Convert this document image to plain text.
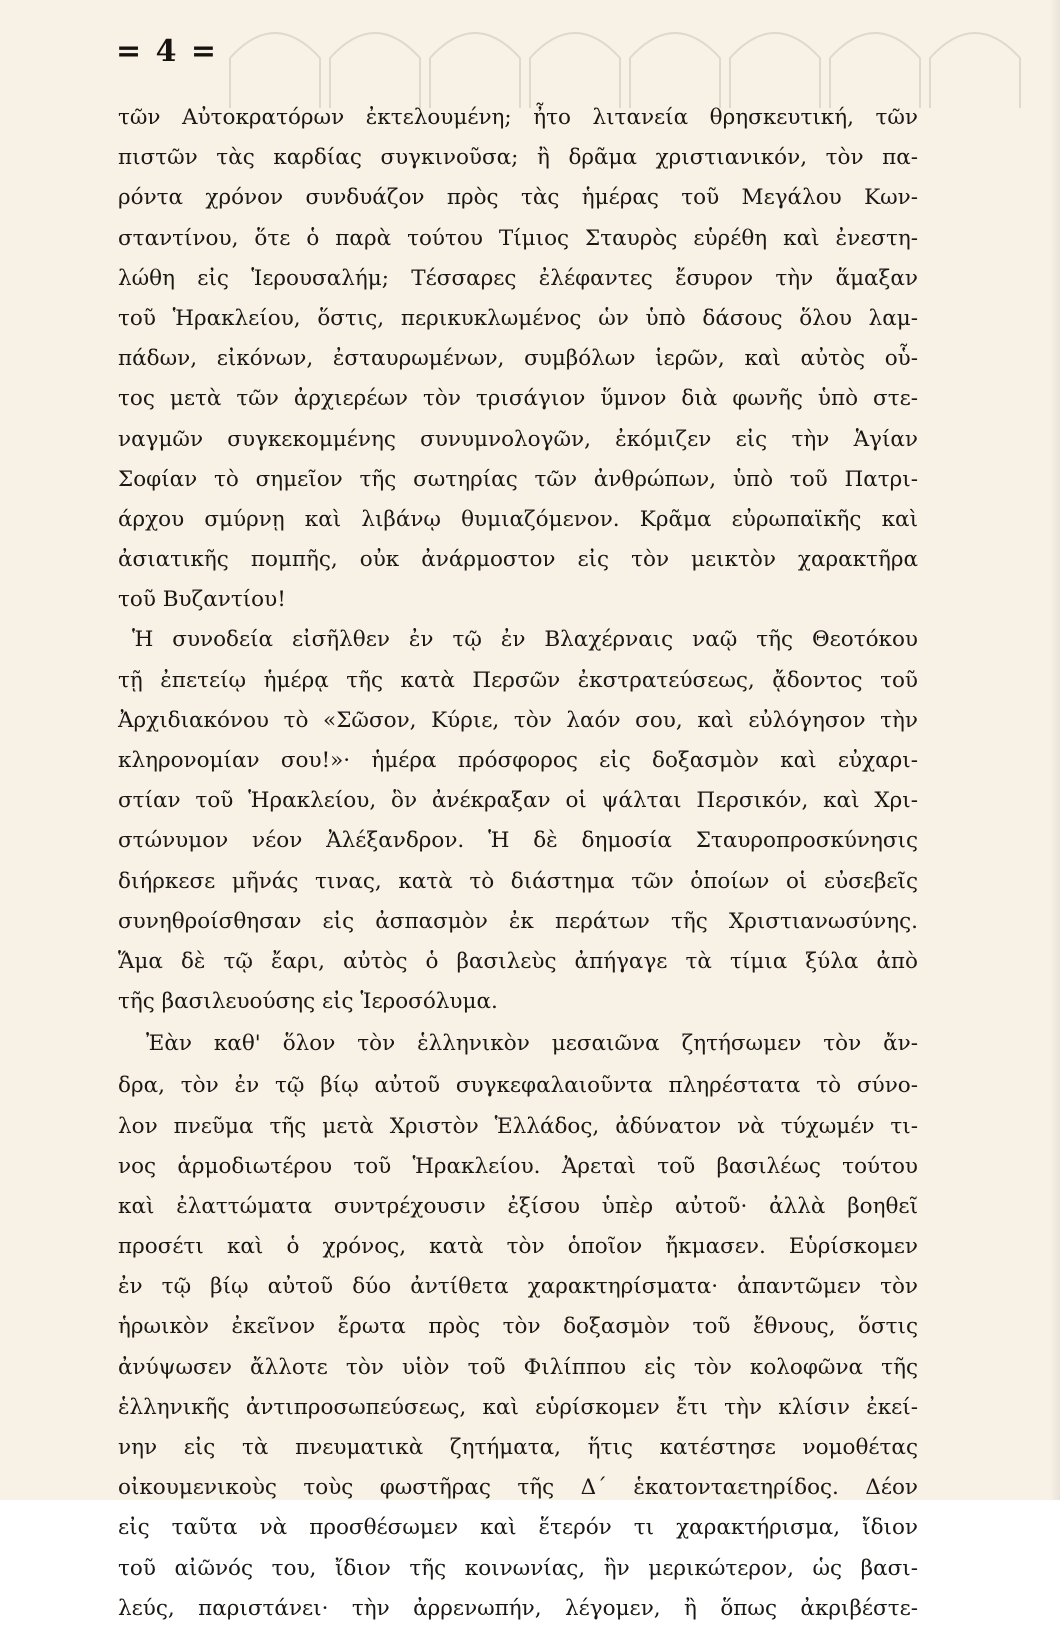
= 4 =
τῶν Αὐτοκρατόρων ἐκτελουμένη; ἦτο λιτανεία θρησκευτική, τῶν
πιστῶν τὰς καρδίας συγκινοῦσα; ἢ δρᾶμα χριστιανικόν, τὸν πα-
ρόντα χρόνον συνδυάζον πρὸς τὰς ἡμέρας τοῦ Μεγάλου Κων-
σταντίνου, ὅτε ὁ παρὰ τούτου Τίμιος Σταυρὸς εὑρέθη καὶ ἐνεστη-
λώθη εἰς Ἱερουσαλήμ; Τέσσαρες ἐλέφαντες ἔσυρον τὴν ἅμαξαν
τοῦ Ἡρακλείου, ὅστις, περικυκλωμένος ὡν ὑπὸ δάσους ὅλου λαμ-
πάδων, εἰκόνων, ἐσταυρωμένων, συμβόλων ἱερῶν, καὶ αὐτὸς οὗ-
τος μετὰ τῶν ἀρχιερέων τὸν τρισάγιον ὕμνον διὰ φωνῆς ὑπὸ στε-
ναγμῶν συγκεκομμένης συνυμνολογῶν, ἐκόμιζεν εἰς τὴν Ἁγίαν
Σοφίαν τὸ σημεῖον τῆς σωτηρίας τῶν ἀνθρώπων, ὑπὸ τοῦ Πατρι-
άρχου σμύρνῃ καὶ λιβάνῳ θυμιαζόμενον. Κρᾶμα εὐρωπαϊκῆς καὶ
ἀσιατικῆς πομπῆς, οὐκ ἀνάρμοστον εἰς τὸν μεικτὸν χαρακτῆρα
τοῦ Βυζαντίου!
Ἡ συνοδεία εἰσῆλθεν ἐν τῷ ἐν Βλαχέρναις ναῷ τῆς Θεοτόκου
τῇ ἐπετείῳ ἡμέρᾳ τῆς κατὰ Περσῶν ἐκστρατεύσεως, ᾄδοντος τοῦ
Ἀρχιδιακόνου τὸ «Σῶσον, Κύριε, τὸν λαόν σου, καὶ εὐλόγησον τὴν
κληρονομίαν σου!»· ἡμέρα πρόσφορος εἰς δοξασμὸν καὶ εὐχαρι-
στίαν τοῦ Ἡρακλείου, ὃν ἀνέκραξαν οἱ ψάλται Περσικόν, καὶ Χρι-
στώνυμον νέον Ἀλέξανδρον. Ἡ δὲ δημοσία Σταυροπροσκύνησις
διήρκεσε μῆνάς τινας, κατὰ τὸ διάστημα τῶν ὁποίων οἱ εὐσεβεῖς
συνηθροίσθησαν εἰς ἀσπασμὸν ἐκ περάτων τῆς Χριστιανωσύνης.
Ἅμα δὲ τῷ ἔαρι, αὐτὸς ὁ βασιλεὺς ἀπήγαγε τὰ τίμια ξύλα ἀπὸ
τῆς βασιλευούσης εἰς Ἱεροσόλυμα.
Ἐὰν καθ' ὅλον τὸν ἑλληνικὸν μεσαιῶνα ζητήσωμεν τὸν ἄν-
δρα, τὸν ἐν τῷ βίῳ αὐτοῦ συγκεφαλαιοῦντα πληρέστατα τὸ σύνο-
λον πνεῦμα τῆς μετὰ Χριστὸν Ἑλλάδος, ἀδύνατον νὰ τύχωμέν τι-
νος ἁρμοδιωτέρου τοῦ Ἡρακλείου. Ἀρεταὶ τοῦ βασιλέως τούτου
καὶ ἐλαττώματα συντρέχουσιν ἐξίσου ὑπὲρ αὐτοῦ· ἀλλὰ βοηθεῖ
προσέτι καὶ ὁ χρόνος, κατὰ τὸν ὁποῖον ἤκμασεν. Εὑρίσκομεν
ἐν τῷ βίῳ αὐτοῦ δύο ἀντίθετα χαρακτηρίσματα· ἀπαντῶμεν τὸν
ἡρωικὸν ἐκεῖνον ἔρωτα πρὸς τὸν δοξασμὸν τοῦ ἔθνους, ὅστις
ἀνύψωσεν ἄλλοτε τὸν υἱὸν τοῦ Φιλίππου εἰς τὸν κολοφῶνα τῆς
ἑλληνικῆς ἀντιπροσωπεύσεως, καὶ εὑρίσκομεν ἔτι τὴν κλίσιν ἐκεί-
νην εἰς τὰ πνευματικὰ ζητήματα, ἥτις κατέστησε νομοθέτας
οἰκουμενικοὺς τοὺς φωστῆρας τῆς Δ΄ ἑκατονταετηρίδος. Δέον
εἰς ταῦτα νὰ προσθέσωμεν καὶ ἕτερόν τι χαρακτήρισμα, ἴδιον
τοῦ αἰῶνός του, ἴδιον τῆς κοινωνίας, ἣν μερικώτερον, ὡς βασι-
λεύς, παριστάνει· τὴν ἀρρενωπήν, λέγομεν, ἢ ὅπως ἀκριβέστε-
